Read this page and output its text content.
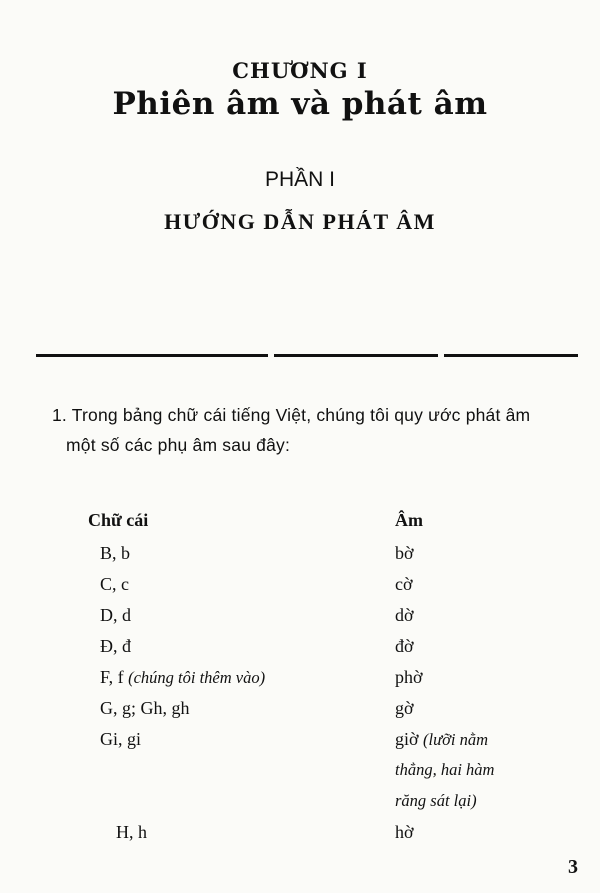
CHƯƠNG I
Phiên âm và phát âm
PHẦN I
HƯỚNG DẪN PHÁT ÂM
1. Trong bảng chữ cái tiếng Việt, chúng tôi quy ước phát âm
một số các phụ âm sau đây:
Chữ cái	Âm
B, b	bờ
C, c	cờ
D, d	dờ
Đ, đ	đờ
F, f (chúng tôi thêm vào)	phờ
G, g; Gh, gh	gờ
Gi, gi	giờ (lưỡi nằm
thẳng, hai hàm
răng sát lại)
H, h	hờ
3
